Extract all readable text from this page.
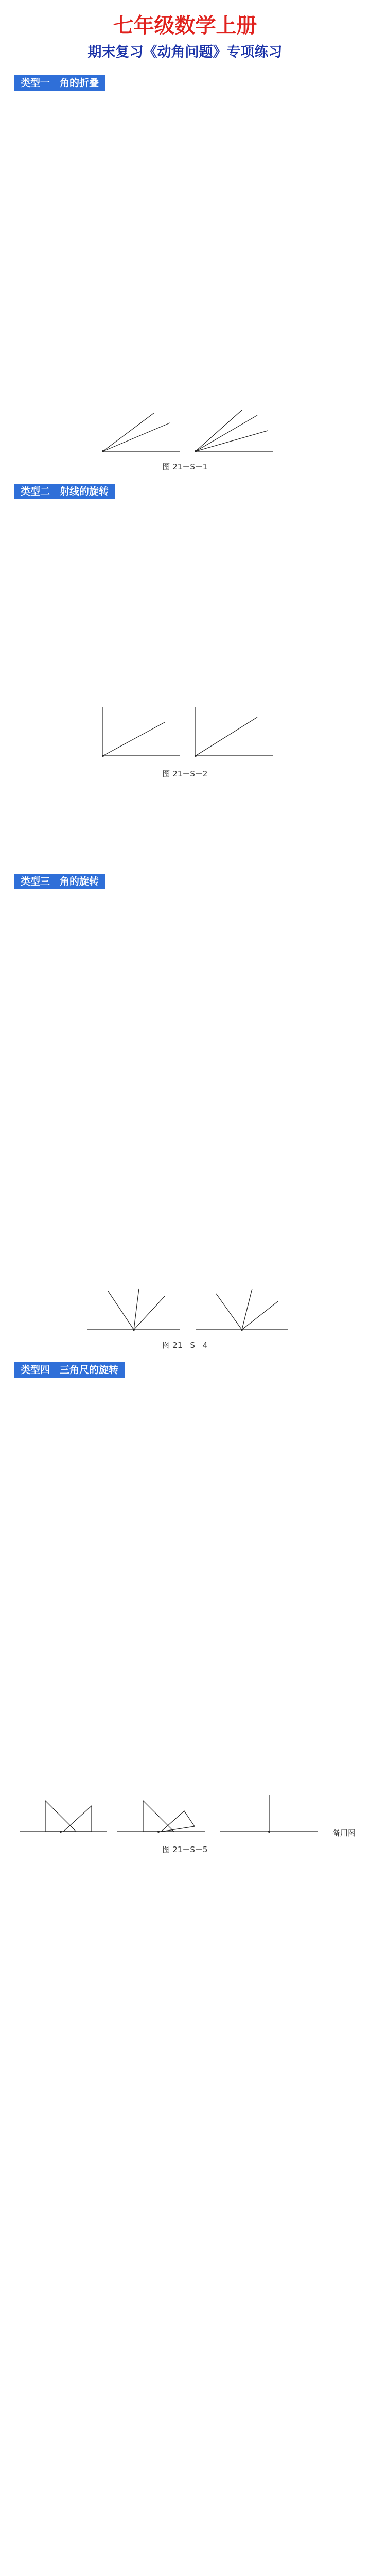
七年级数学上册
期末复习《动角问题》专项练习
类型一　角的折叠

图 21－S－1

类型二　射线的旋转

图 21－S－2

类型三　角的旋转

图 21－S－4

类型四　三角尺的旋转

备用图

图 21－S－5
